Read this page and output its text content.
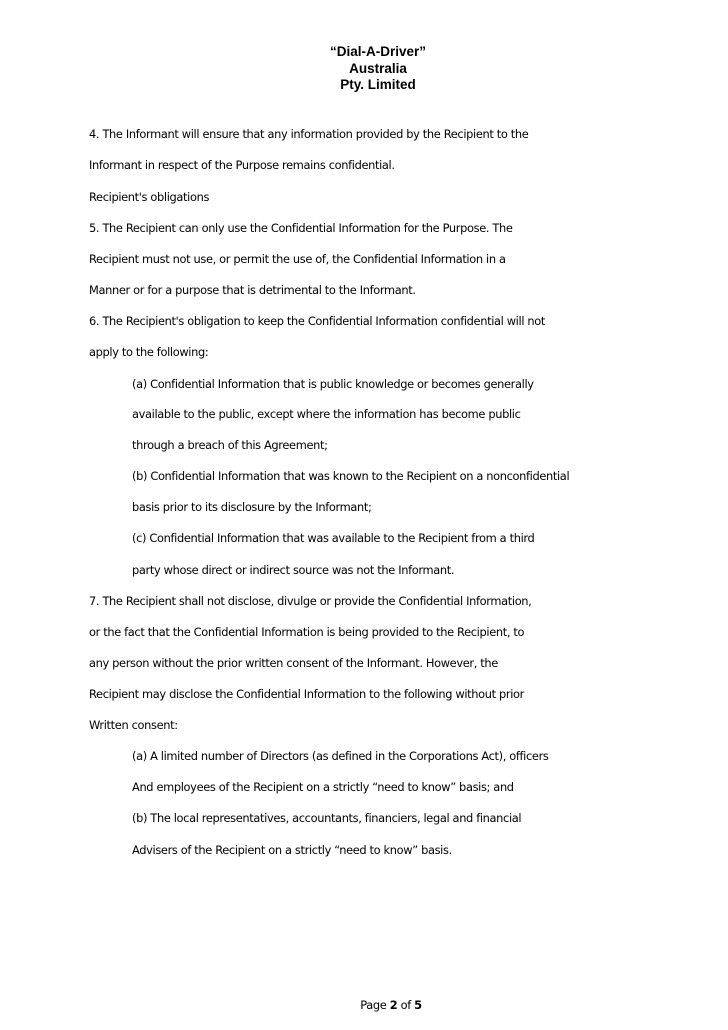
“Dial-A-Driver”
Australia
Pty. Limited
4. The Informant will ensure that any information provided by the Recipient to the
Informant in respect of the Purpose remains confidential.
Recipient's obligations
5. The Recipient can only use the Confidential Information for the Purpose. The
Recipient must not use, or permit the use of, the Confidential Information in a
Manner or for a purpose that is detrimental to the Informant.
6. The Recipient's obligation to keep the Confidential Information confidential will not
apply to the following:
(a) Confidential Information that is public knowledge or becomes generally
available to the public, except where the information has become public
through a breach of this Agreement;
(b) Confidential Information that was known to the Recipient on a nonconfidential
basis prior to its disclosure by the Informant;
(c) Confidential Information that was available to the Recipient from a third
party whose direct or indirect source was not the Informant.
7. The Recipient shall not disclose, divulge or provide the Confidential Information,
or the fact that the Confidential Information is being provided to the Recipient, to
any person without the prior written consent of the Informant. However, the
Recipient may disclose the Confidential Information to the following without prior
Written consent:
(a) A limited number of Directors (as defined in the Corporations Act), officers
And employees of the Recipient on a strictly “need to know” basis; and
(b) The local representatives, accountants, financiers, legal and financial
Advisers of the Recipient on a strictly “need to know” basis.
Page 2 of 5
